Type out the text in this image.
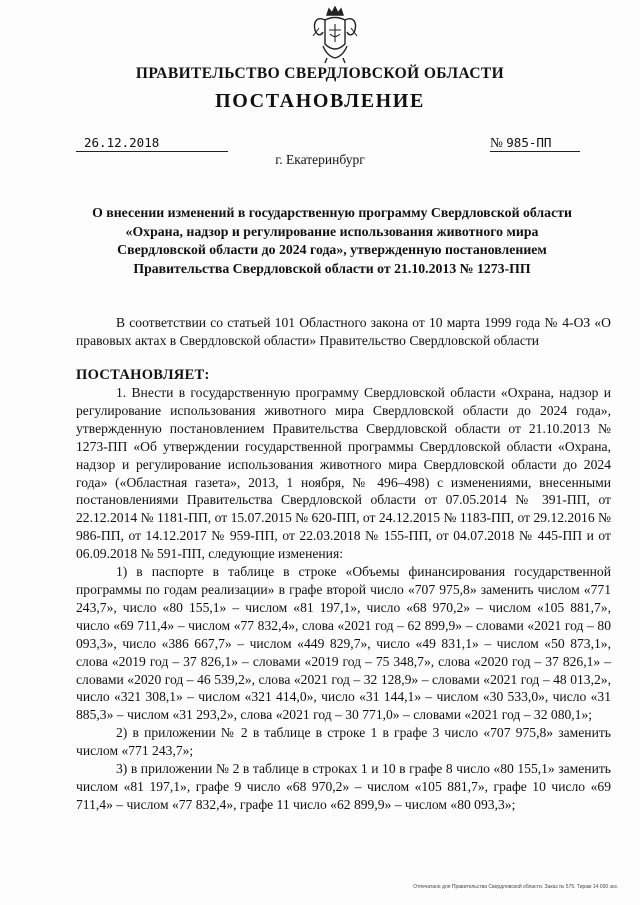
ПРАВИТЕЛЬСТВО СВЕРДЛОВСКОЙ ОБЛАСТИ
ПОСТАНОВЛЕНИЕ
26.12.2018	№ 985-ПП
г. Екатеринбург
О внесении изменений в государственную программу Свердловской области
«Охрана, надзор и регулирование использования животного мира
Свердловской области до 2024 года», утвержденную постановлением
Правительства Свердловской области от 21.10.2013 № 1273-ПП
В соответствии со статьей 101 Областного закона от 10 марта 1999 года № 4-ОЗ «О правовых актах в Свердловской области» Правительство Свердловской области
ПОСТАНОВЛЯЕТ:
1. Внести в государственную программу Свердловской области «Охрана, надзор и регулирование использования животного мира Свердловской области до 2024 года», утвержденную постановлением Правительства Свердловской области от 21.10.2013 № 1273-ПП «Об утверждении государственной программы Свердловской области «Охрана, надзор и регулирование использования животного мира Свердловской области до 2024 года» («Областная газета», 2013, 1 ноября, № 496–498) с изменениями, внесенными постановлениями Правительства Свердловской области от 07.05.2014 № 391-ПП, от 22.12.2014 № 1181-ПП, от 15.07.2015 № 620-ПП, от 24.12.2015 № 1183-ПП, от 29.12.2016 № 986-ПП, от 14.12.2017 № 959-ПП, от 22.03.2018 № 155-ПП, от 04.07.2018 № 445-ПП и от 06.09.2018 № 591-ПП, следующие изменения:
1) в паспорте в таблице в строке «Объемы финансирования государственной программы по годам реализации» в графе второй число «707 975,8» заменить числом «771 243,7», число «80 155,1» – числом «81 197,1», число «68 970,2» – числом «105 881,7», число «69 711,4» – числом «77 832,4», слова «2021 год – 62 899,9» – словами «2021 год – 80 093,3», число «386 667,7» – числом «449 829,7», число «49 831,1» – числом «50 873,1», слова «2019 год – 37 826,1» – словами «2019 год – 75 348,7», слова «2020 год – 37 826,1» – словами «2020 год – 46 539,2», слова «2021 год – 32 128,9» – словами «2021 год – 48 013,2», число «321 308,1» – числом «321 414,0», число «31 144,1» – числом «30 533,0», число «31 885,3» – числом «31 293,2», слова «2021 год – 30 771,0» – словами «2021 год – 32 080,1»;
2) в приложении № 2 в таблице в строке 1 в графе 3 число «707 975,8» заменить числом «771 243,7»;
3) в приложении № 2 в таблице в строках 1 и 10 в графе 8 число «80 155,1» заменить числом «81 197,1», графе 9 число «68 970,2» – числом «105 881,7», графе 10 число «69 711,4» – числом «77 832,4», графе 11 число «62 899,9» – числом «80 093,3»;
Отпечатано для Правительства Свердловской области. Заказ № 575. Тираж 14 000 экз.
